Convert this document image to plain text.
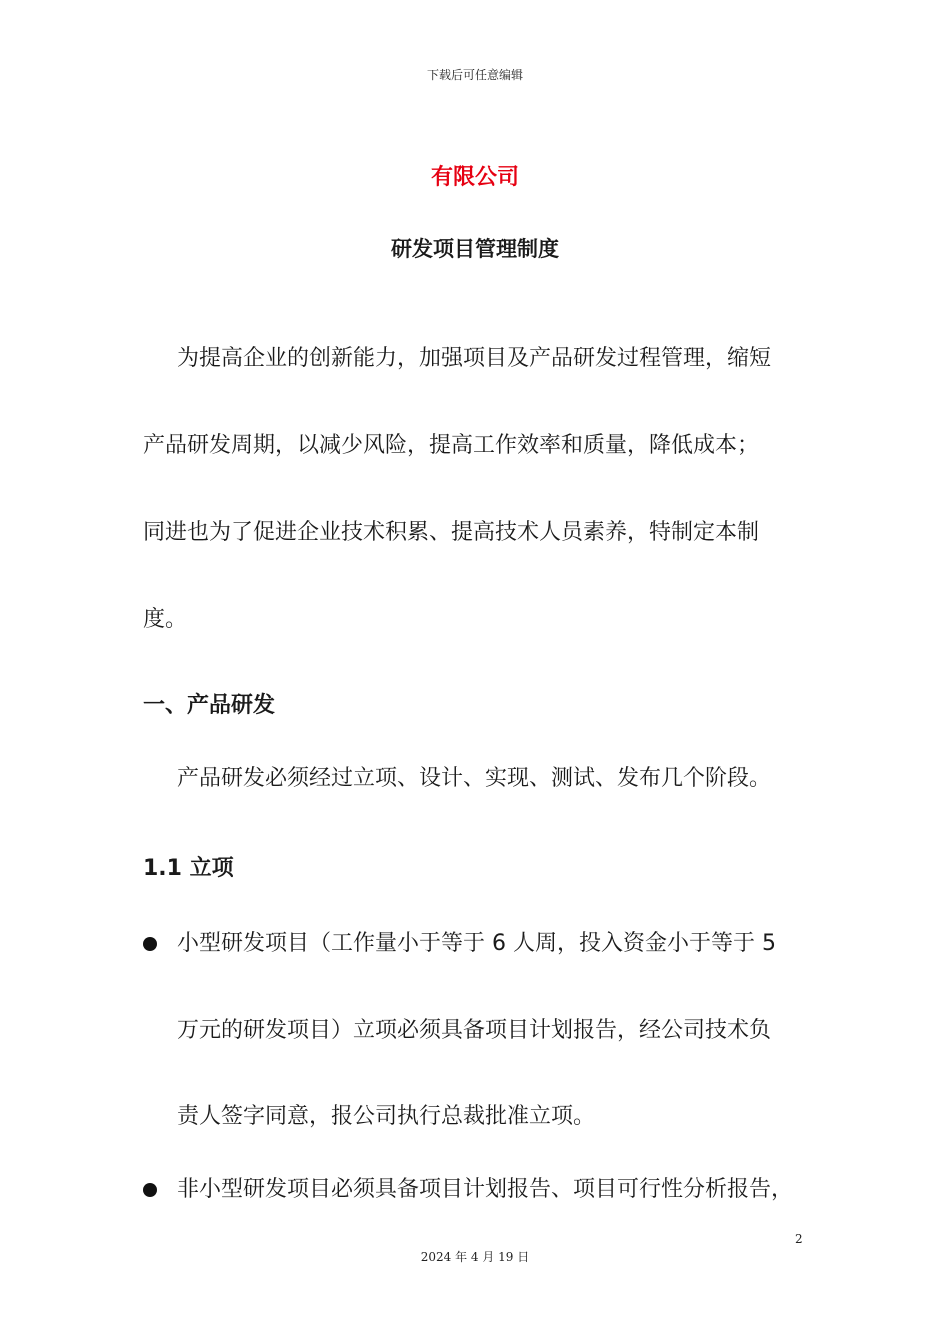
下载后可任意编辑
有限公司
研发项目管理制度
为提高企业的创新能力，加强项目及产品研发过程管理，缩短
产品研发周期，以减少风险，提高工作效率和质量，降低成本；
同进也为了促进企业技术积累、提高技术人员素养，特制定本制
度。
一、产品研发
产品研发必须经过立项、设计、实现、测试、发布几个阶段。
1.1 立项
小型研发项目（工作量小于等于 6 人周，投入资金小于等于 5
万元的研发项目）立项必须具备项目计划报告，经公司技术负
责人签字同意，报公司执行总裁批准立项。
非小型研发项目必须具备项目计划报告、项目可行性分析报告，
2
2024 年 4 月 19 日
